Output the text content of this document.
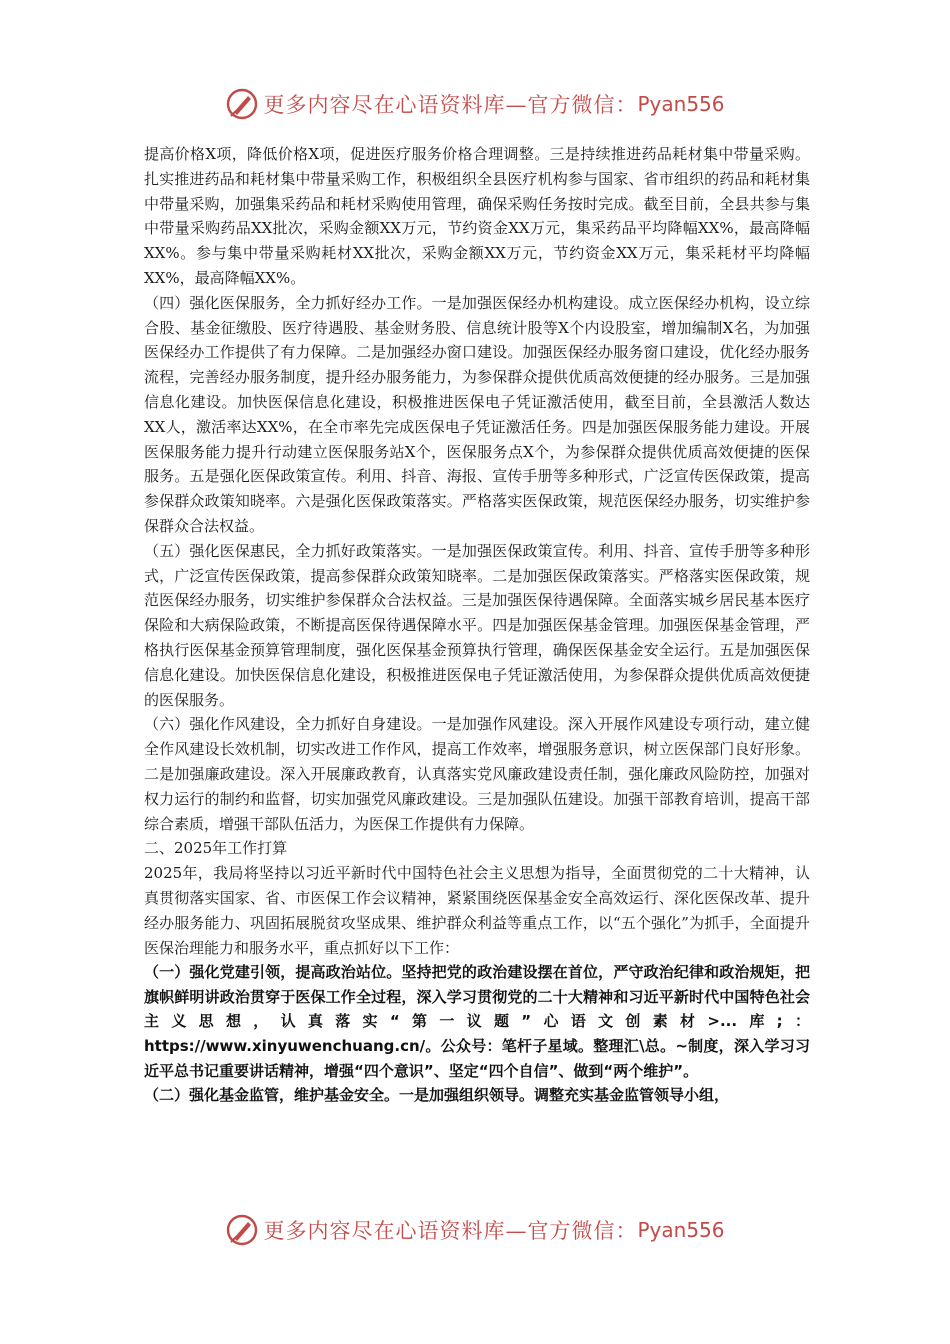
更多内容尽在心语资料库—官方微信： Pyan556

提高价格X项，降低价格X项，促进医疗服务价格合理调整。三是持续推进药品耗材集中带量采购。扎实推进药品和耗材集中带量采购工作，积极组织全县医疗机构参与国家、省市组织的药品和耗材集中带量采购，加强集采药品和耗材采购使用管理，确保采购任务按时完成。截至目前，全县共参与集中带量采购药品XX批次，采购金额XX万元，节约资金XX万元，集采药品平均降幅XX%，最高降幅XX%。参与集中带量采购耗材XX批次，采购金额XX万元，节约资金XX万元，集采耗材平均降幅XX%，最高降幅XX%。

（四）强化医保服务，全力抓好经办工作。一是加强医保经办机构建设。成立医保经办机构，设立综合股、基金征缴股、医疗待遇股、基金财务股、信息统计股等X个内设股室，增加编制X名，为加强医保经办工作提供了有力保障。二是加强经办窗口建设。加强医保经办服务窗口建设，优化经办服务流程，完善经办服务制度，提升经办服务能力，为参保群众提供优质高效便捷的经办服务。三是加强信息化建设。加快医保信息化建设，积极推进医保电子凭证激活使用，截至目前，全县激活人数达XX人，激活率达XX%，在全市率先完成医保电子凭证激活任务。四是加强医保服务能力建设。开展医保服务能力提升行动建立医保服务站X个，医保服务点X个，为参保群众提供优质高效便捷的医保服务。五是强化医保政策宣传。利用、抖音、海报、宣传手册等多种形式，广泛宣传医保政策，提高参保群众政策知晓率。六是强化医保政策落实。严格落实医保政策，规范医保经办服务，切实维护参保群众合法权益。

（五）强化医保惠民，全力抓好政策落实。一是加强医保政策宣传。利用、抖音、宣传手册等多种形式，广泛宣传医保政策，提高参保群众政策知晓率。二是加强医保政策落实。严格落实医保政策，规范医保经办服务，切实维护参保群众合法权益。三是加强医保待遇保障。全面落实城乡居民基本医疗保险和大病保险政策，不断提高医保待遇保障水平。四是加强医保基金管理。加强医保基金管理，严格执行医保基金预算管理制度，强化医保基金预算执行管理，确保医保基金安全运行。五是加强医保信息化建设。加快医保信息化建设，积极推进医保电子凭证激活使用，为参保群众提供优质高效便捷的医保服务。

（六）强化作风建设，全力抓好自身建设。一是加强作风建设。深入开展作风建设专项行动，建立健全作风建设长效机制，切实改进工作作风，提高工作效率，增强服务意识，树立医保部门良好形象。二是加强廉政建设。深入开展廉政教育，认真落实党风廉政建设责任制，强化廉政风险防控，加强对权力运行的制约和监督，切实加强党风廉政建设。三是加强队伍建设。加强干部教育培训，提高干部综合素质，增强干部队伍活力，为医保工作提供有力保障。

二、2025年工作打算

2025年，我局将坚持以习近平新时代中国特色社会主义思想为指导，全面贯彻党的二十大精神，认真贯彻落实国家、省、市医保工作会议精神，紧紧围绕医保基金安全高效运行、深化医保改革、提升经办服务能力、巩固拓展脱贫攻坚成果、维护群众利益等重点工作，以“五个强化”为抓手，全面提升医保治理能力和服务水平，重点抓好以下工作：

（一）强化党建引领，提高政治站位。坚持把党的政治建设摆在首位，严守政治纪律和政治规矩，把旗帜鲜明讲政治贯穿于医保工作全过程，深入学习贯彻党的二十大精神和习近平新时代中国特色社会主义思想，认真落实“第一议题”心语文创素材>...库;：https://www.xinyuwenchuang.cn/。公众号：笔杆子星域。整理汇\总。~制度，深入学习习近平总书记重要讲话精神，增强“四个意识”、坚定“四个自信”、做到“两个维护”。

（二）强化基金监管，维护基金安全。一是加强组织领导。调整充实基金监管领导小组，

更多内容尽在心语资料库—官方微信： Pyan556
